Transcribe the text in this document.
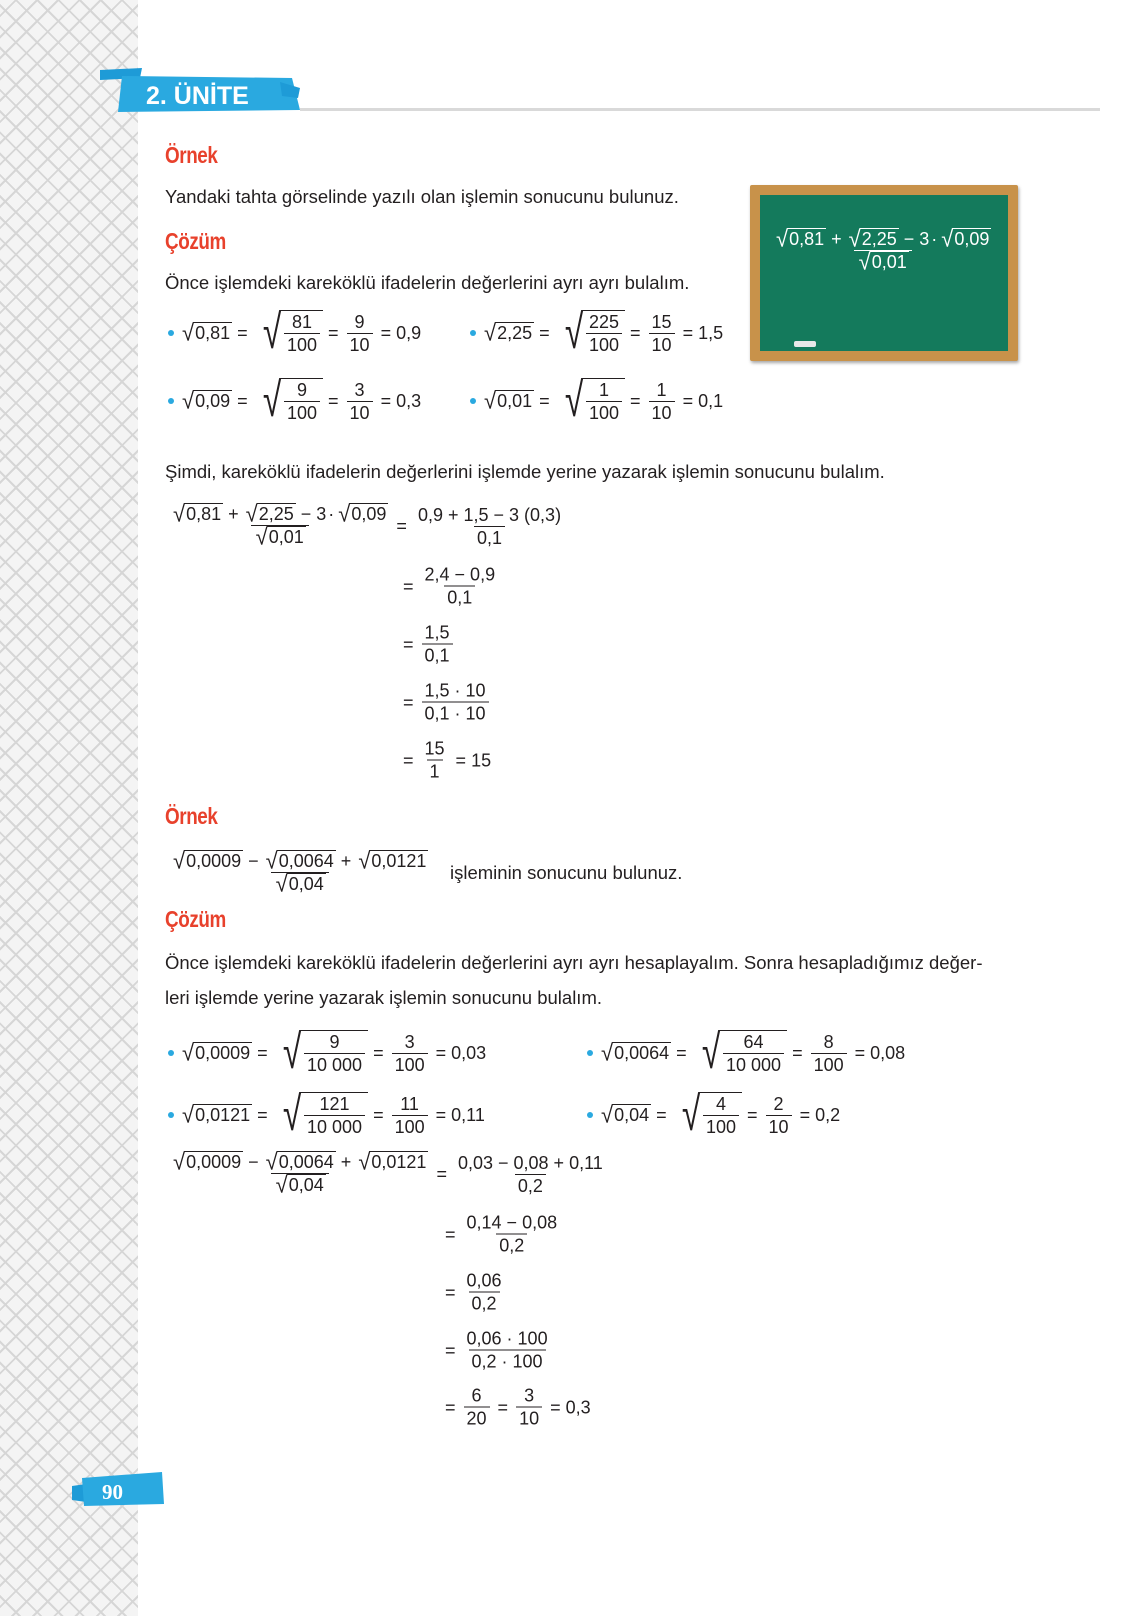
2. ÜNİTE
Örnek
Yandaki tahta görselinde yazılı olan işlemin sonucunu bulunuz.
Çözüm
Önce işlemdeki kareköklü ifadelerin değerlerini ayrı ayrı bulalım.
$\frac{√ 0,81 + √ 2,25 - 3 \cdot √ 0,09}{√ 0,01}$
√ 0,81 = √ $\frac{81}{100} = \frac{9}{10} = 0,9$	√ 2,25 = √ $\frac{225}{100} = \frac{15}{10} = 1,5$
√ 0,09 = √ $\frac{9}{100} = \frac{3}{10} = 0,3$	√ 0,01 = √ $\frac{1}{100} = \frac{1}{10} = 0,1$
Şimdi, kareköklü ifadelerin değerlerini işlemde yerine yazarak işlemin sonucunu bulalım.
$\frac{√ 0,81 + √ 2,25 - 3 \cdot √ 0,09}{√ 0,01} = \frac{0,9 + 1,5 - 3 (0,3)}{0,1}$
= $\frac{2,4 - 0,9}{0,1}$
= $\frac{1,5}{0,1}$
= $\frac{1,5 \cdot 10}{0,1 \cdot 10}$
= $\frac{15}{1} = 15$
Örnek
$\frac{√ 0,0009 - √ 0,0064 + √ 0,0121}{√ 0,04}$ işleminin sonucunu bulunuz.
Çözüm
Önce işlemdeki kareköklü ifadelerin değerlerini ayrı ayrı hesaplayalım. Sonra hesapladığımız değer-
leri işlemde yerine yazarak işlemin sonucunu bulalım.
√ 0,0009 = √ $\frac{9}{10 000} = \frac{3}{100} = 0,03$	√ 0,0064 = √ $\frac{64}{10 000} = \frac{8}{100} = 0,08$
√ 0,0121 = √ $\frac{121}{10 000} = \frac{11}{100} = 0,11$	√ 0,04 = √ $\frac{4}{100} = \frac{2}{10} = 0,2$
$\frac{√ 0,0009 - √ 0,0064 + √ 0,0121}{√ 0,04} = \frac{0,03 - 0,08 + 0,11}{0,2}$
= $\frac{0,14 - 0,08}{0,2}$
= $\frac{0,06}{0,2}$
= $\frac{0,06 \cdot 100}{0,2 \cdot 100}$
= $\frac{6}{20} = \frac{3}{10} = 0,3$
90
